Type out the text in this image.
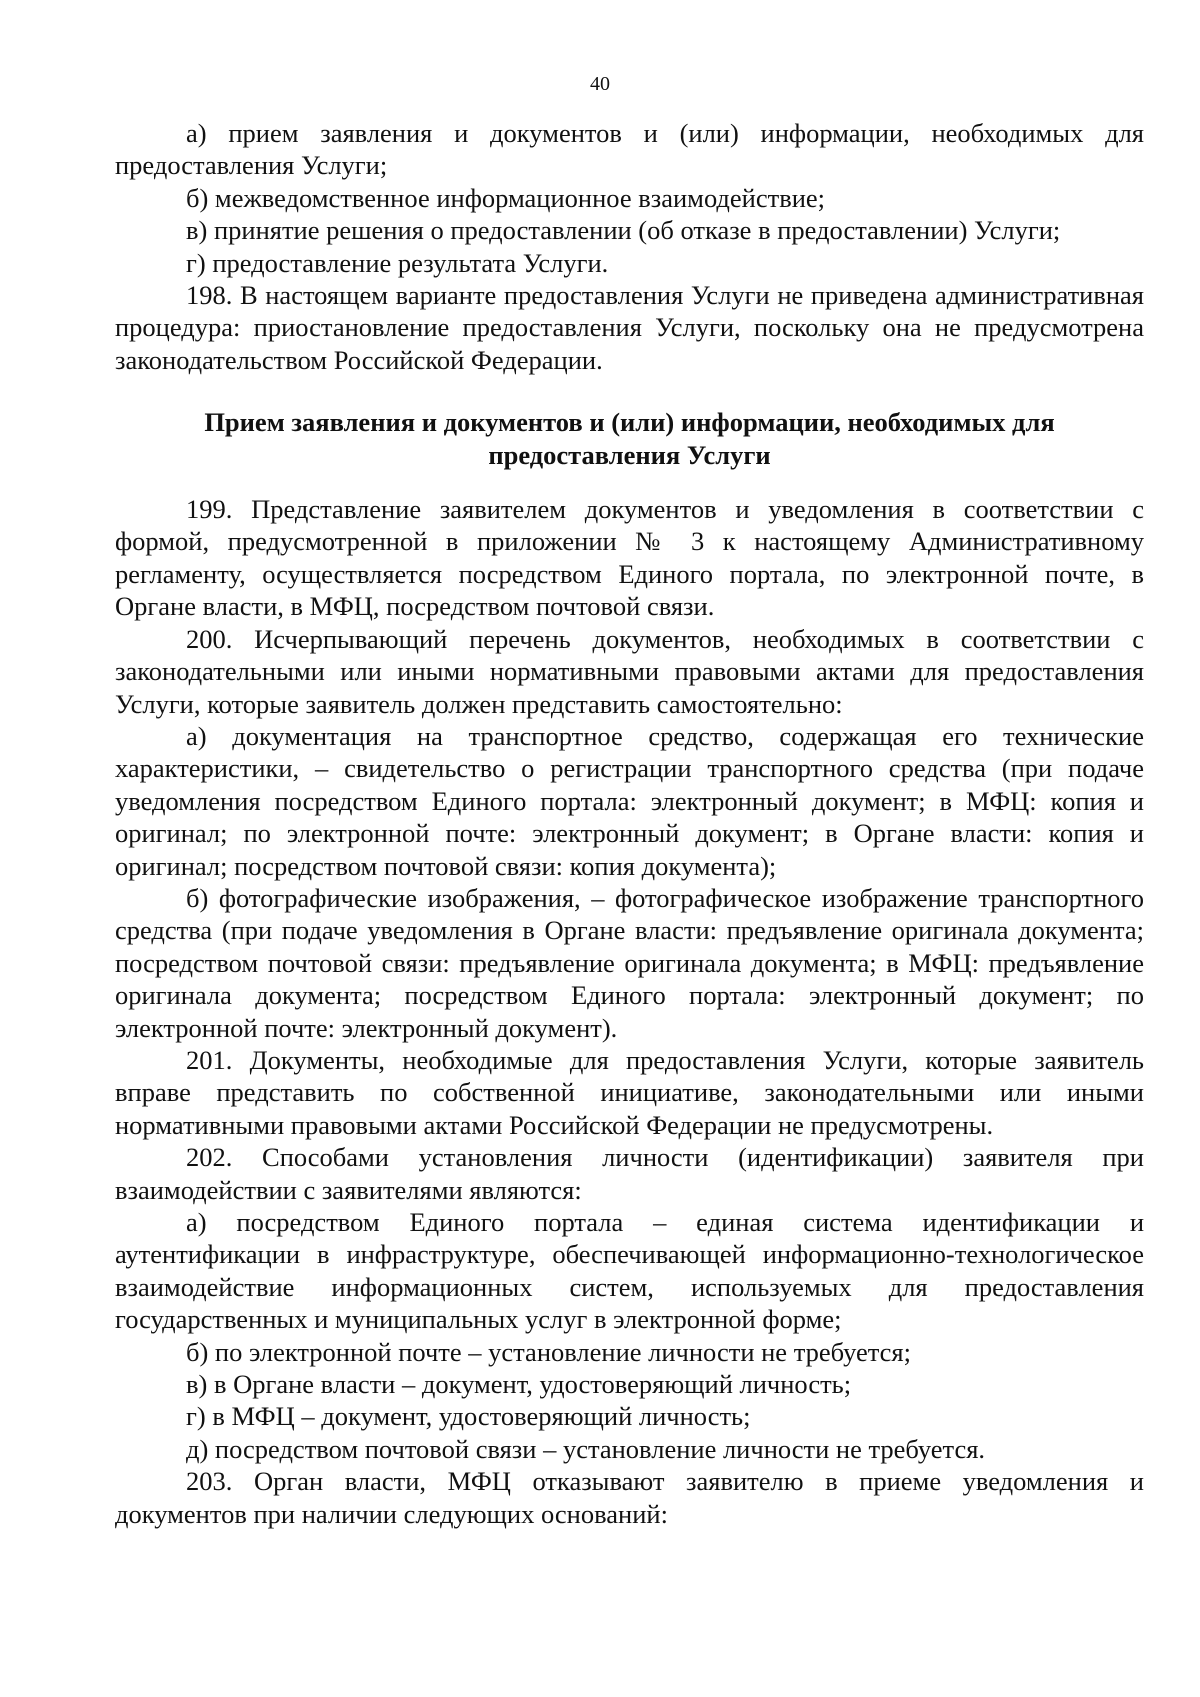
40

а) прием заявления и документов и (или) информации, необходимых для предоставления Услуги;

б) межведомственное информационное взаимодействие;

в) принятие решения о предоставлении (об отказе в предоставлении) Услуги;

г) предоставление результата Услуги.

198. В настоящем варианте предоставления Услуги не приведена административная процедура: приостановление предоставления Услуги, поскольку она не предусмотрена законодательством Российской Федерации.

Прием заявления и документов и (или) информации, необходимых для
предоставления Услуги

199. Представление заявителем документов и уведомления в соответствии с формой, предусмотренной в приложении № 3 к настоящему Административному регламенту, осуществляется посредством Единого портала, по электронной почте, в Органе власти, в МФЦ, посредством почтовой связи.

200. Исчерпывающий перечень документов, необходимых в соответствии с законодательными или иными нормативными правовыми актами для предоставления Услуги, которые заявитель должен представить самостоятельно:

а) документация на транспортное средство, содержащая его технические характеристики, – свидетельство о регистрации транспортного средства (при подаче уведомления посредством Единого портала: электронный документ; в МФЦ: копия и оригинал; по электронной почте: электронный документ; в Органе власти: копия и оригинал; посредством почтовой связи: копия документа);

б) фотографические изображения, – фотографическое изображение транспортного средства (при подаче уведомления в Органе власти: предъявление оригинала документа; посредством почтовой связи: предъявление оригинала документа; в МФЦ: предъявление оригинала документа; посредством Единого портала: электронный документ; по электронной почте: электронный документ).

201. Документы, необходимые для предоставления Услуги, которые заявитель вправе представить по собственной инициативе, законодательными или иными нормативными правовыми актами Российской Федерации не предусмотрены.

202. Способами установления личности (идентификации) заявителя при взаимодействии с заявителями являются:

а) посредством Единого портала – единая система идентификации и аутентификации в инфраструктуре, обеспечивающей информационно-технологическое взаимодействие информационных систем, используемых для предоставления государственных и муниципальных услуг в электронной форме;

б) по электронной почте – установление личности не требуется;

в) в Органе власти – документ, удостоверяющий личность;

г) в МФЦ – документ, удостоверяющий личность;

д) посредством почтовой связи – установление личности не требуется.

203. Орган власти, МФЦ отказывают заявителю в приеме уведомления и документов при наличии следующих оснований:
